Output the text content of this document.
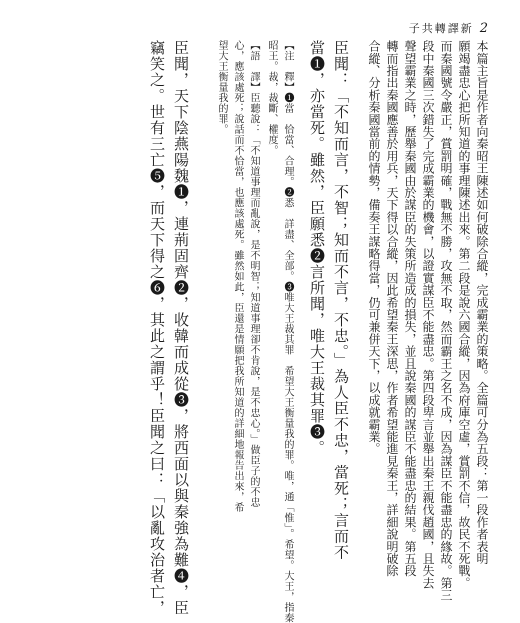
子共轉譯新 2
本篇主旨是作者向秦昭王陳述如何破除合縱，完成霸業的策略。全篇可分為五段：第一段作者表明
願竭盡忠心把所知道的事理陳述出來。第二段是說六國合縱，因為府庫空虛，賞罰不信，故民不死戰。
而秦國號令嚴正，賞罰明確，戰無不勝，攻無不取，然而霸王之名不成，因為謀臣不能盡忠的緣故。第三
段中秦國三次錯失了完成霸業的機會，以證實謀臣不能盡忠。第四段卑言並舉出秦王親伐趙國，且失去
聲望霸業之時，歷舉秦國由於謀臣的失策所造成的損失，並且說秦國的謀臣不能盡忠的結果。第五段
轉而指出秦國應善於用兵，天下得以合縱，因此希望秦王深思，作者希望能進見秦王，詳細說明破除
合縱、分析秦國當前的情勢，備奏王謀略得當，仍可兼併天下，以成就霸業。
臣聞：「不知而言，不智；知而不言，不忠。」為人臣不忠，當死；言而不
當❶，亦當死。雖然，臣願悉❷言所聞，唯大王裁其罪❸。
【注　釋】❶當　恰當、合理。❷悉　詳盡、全部。❸唯大王裁其罪　希望大王衡量我的罪。唯，通「惟」。希望。大王，指秦
昭王。裁，裁斷、權度。
【語　譯】臣聽說：「不知道事理而亂說，是不明智；知道事理卻不肯說，是不忠心。」做臣子的不忠
心，應該處死；說話而不恰當，也應該處死。雖然如此，臣還是情願把我所知道的詳細地報告出來，希
望大王衡量我的罪。
臣聞，天下陰燕陽魏❶，連荊固齊❷，收韓而成從❸，將西面以與秦強為難❹，臣
竊笑之。世有三亡❺，而天下得之❻，其此之謂乎！臣聞之曰：「以亂攻治者亡，
